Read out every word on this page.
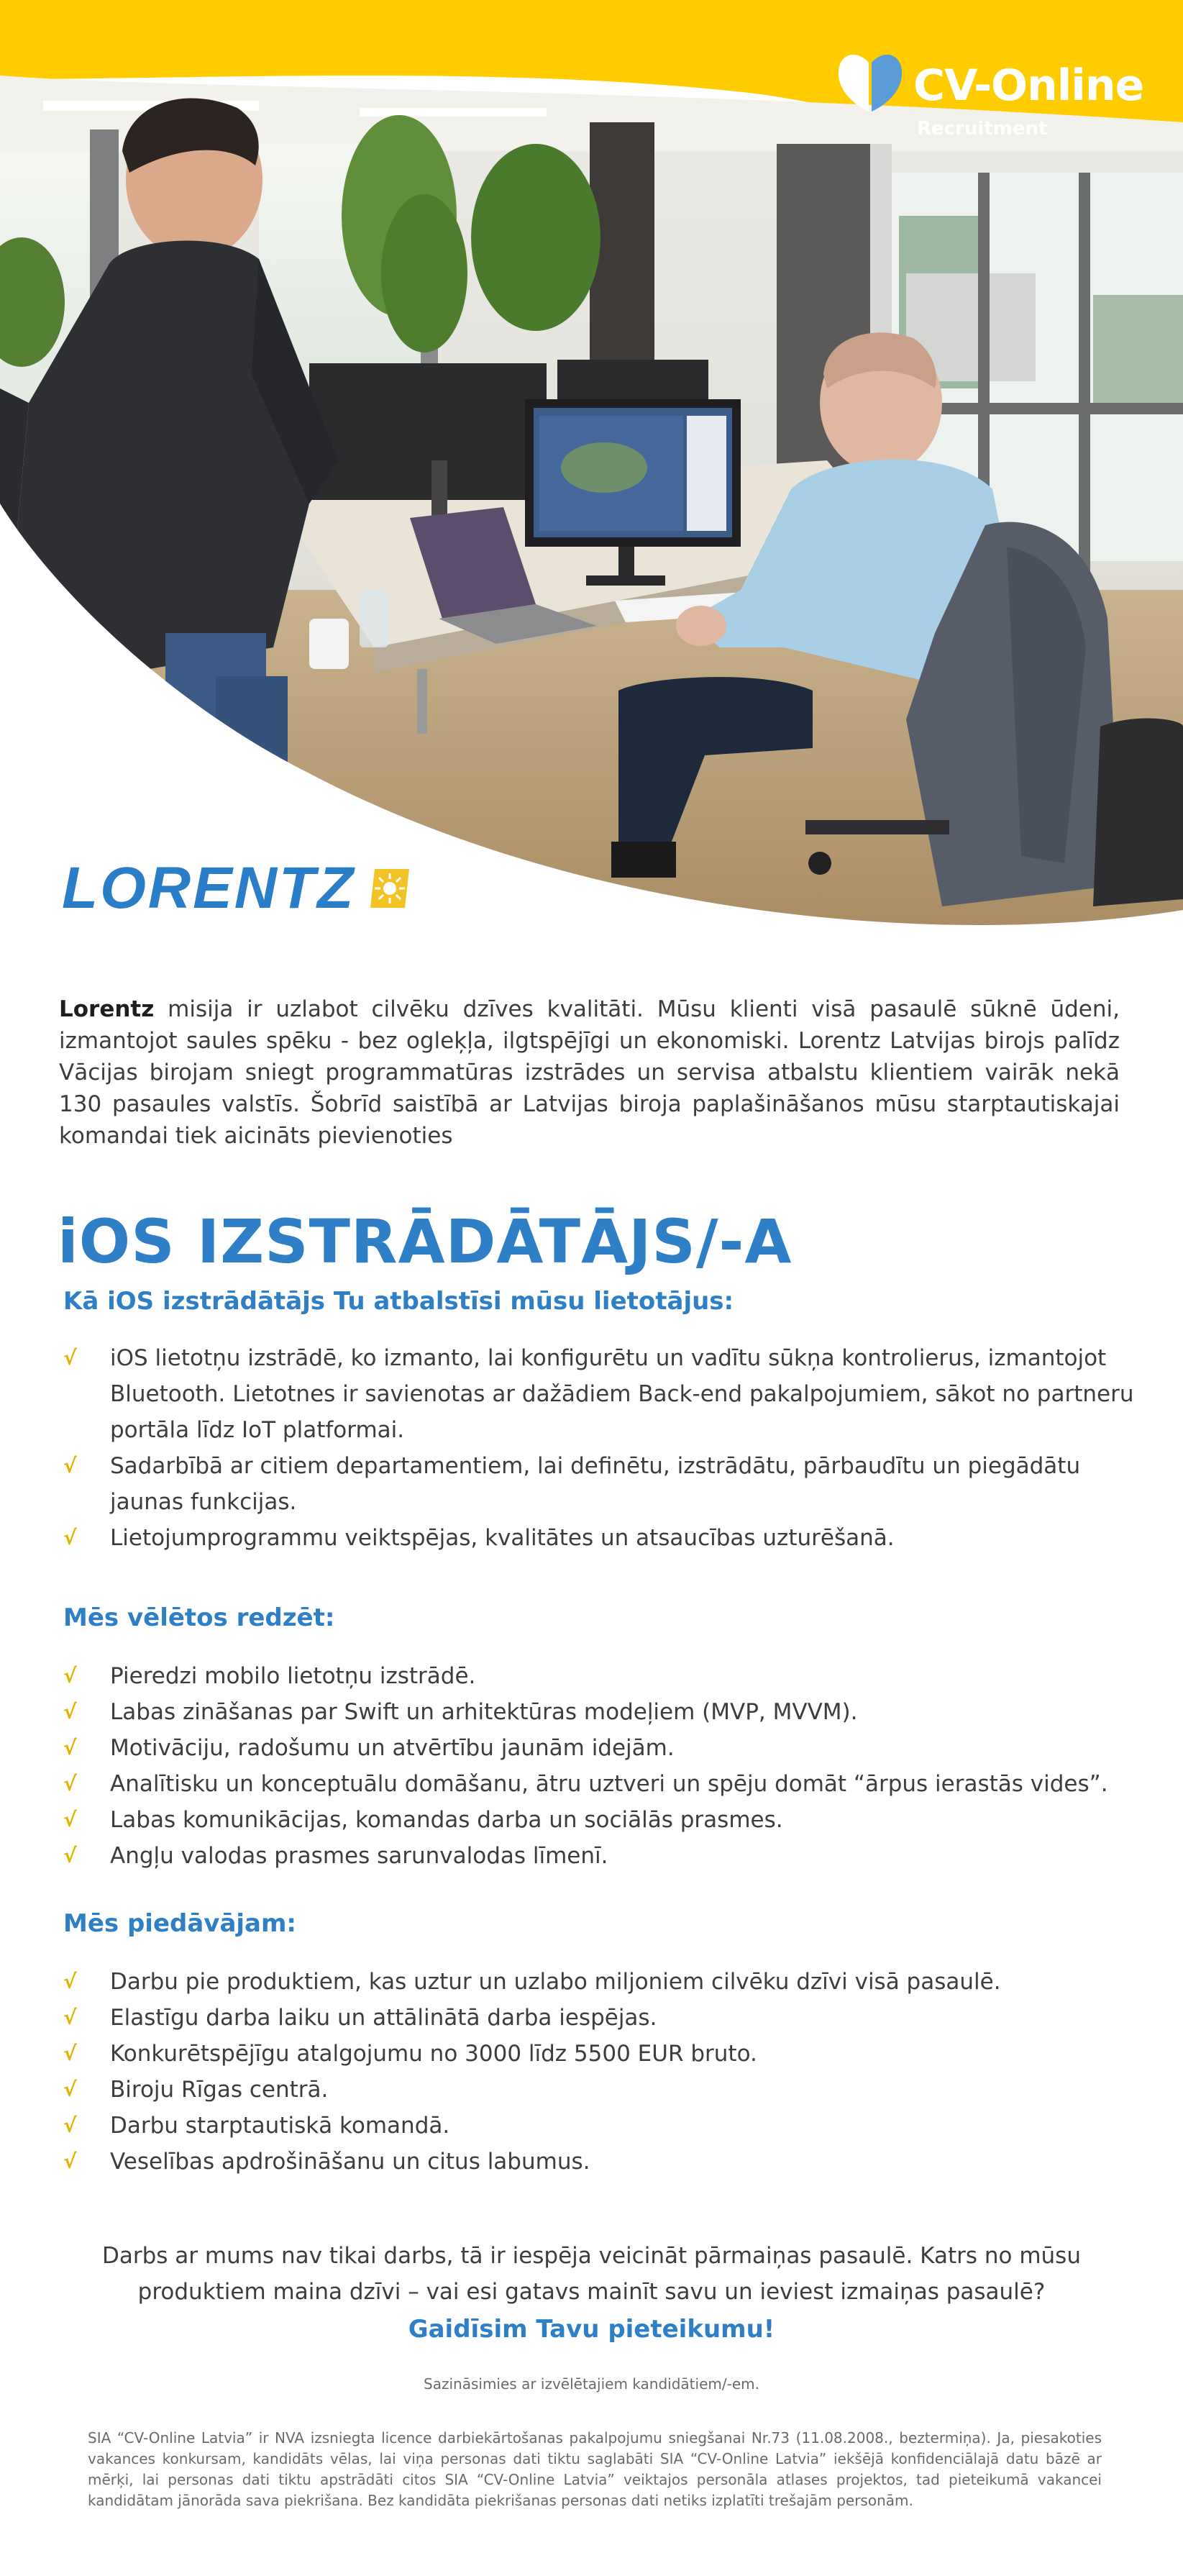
CV-Online
Recruitment
LORENTZ

Lorentz misija ir uzlabot cilvēku dzīves kvalitāti. Mūsu klienti visā pasaulē sūknē ūdeni, izmantojot saules spēku - bez ogleķļa, ilgtspējīgi un ekonomiski. Lorentz Latvijas birojs palīdz Vācijas birojam sniegt programmatūras izstrādes un servisa atbalstu klientiem vairāk nekā 130 pasaules valstīs. Šobrīd saistībā ar Latvijas biroja paplašināšanos mūsu starptautiskajai komandai tiek aicināts pievienoties

iOS IZSTRĀDĀTĀJS/-A
Kā iOS izstrādātājs Tu atbalstīsi mūsu lietotājus:
√ iOS lietotņu izstrādē, ko izmanto, lai konfigurētu un vadītu sūkņa kontrolierus, izmantojot Bluetooth. Lietotnes ir savienotas ar dažādiem Back-end pakalpojumiem, sākot no partneru portāla līdz IoT platformai.
√ Sadarbībā ar citiem departamentiem, lai definētu, izstrādātu, pārbaudītu un piegādātu jaunas funkcijas.
√ Lietojumprogrammu veiktspējas, kvalitātes un atsaucības uzturēšanā.
Mēs vēlētos redzēt:
√ Pieredzi mobilo lietotņu izstrādē.
√ Labas zināšanas par Swift un arhitektūras modeļiem (MVP, MVVM).
√ Motivāciju, radošumu un atvērtību jaunām idejām.
√ Analītisku un konceptuālu domāšanu, ātru uztveri un spēju domāt “ārpus ierastās vides”.
√ Labas komunikācijas, komandas darba un sociālās prasmes.
√ Angļu valodas prasmes sarunvalodas līmenī.
Mēs piedāvājam:
√ Darbu pie produktiem, kas uztur un uzlabo miljoniem cilvēku dzīvi visā pasaulē.
√ Elastīgu darba laiku un attālinātā darba iespējas.
√ Konkurētspējīgu atalgojumu no 3000 līdz 5500 EUR bruto.
√ Biroju Rīgas centrā.
√ Darbu starptautiskā komandā.
√ Veselības apdrošināšanu un citus labumus.

Darbs ar mums nav tikai darbs, tā ir iespēja veicināt pārmaiņas pasaulē. Katrs no mūsu produktiem maina dzīvi – vai esi gatavs mainīt savu un ieviest izmaiņas pasaulē?

Gaidīsim Tavu pieteikumu!
Sazināsimies ar izvēlētajiem kandidātiem/-em.

SIA “CV-Online Latvia” ir NVA izsniegta licence darbiekārtošanas pakalpojumu sniegšanai Nr.73 (11.08.2008., beztermiņa). Ja, piesakoties vakances konkursam, kandidāts vēlas, lai viņa personas dati tiktu saglabāti SIA “CV-Online Latvia” iekšējā konfidenciālajā datu bāzē ar mērķi, lai personas dati tiktu apstrādāti citos SIA “CV-Online Latvia” veiktajos personāla atlases projektos, tad pieteikumā vakancei kandidātam jānorāda sava piekrišana. Bez kandidāta piekrišanas personas dati netiks izplatīti trešajām personām.
